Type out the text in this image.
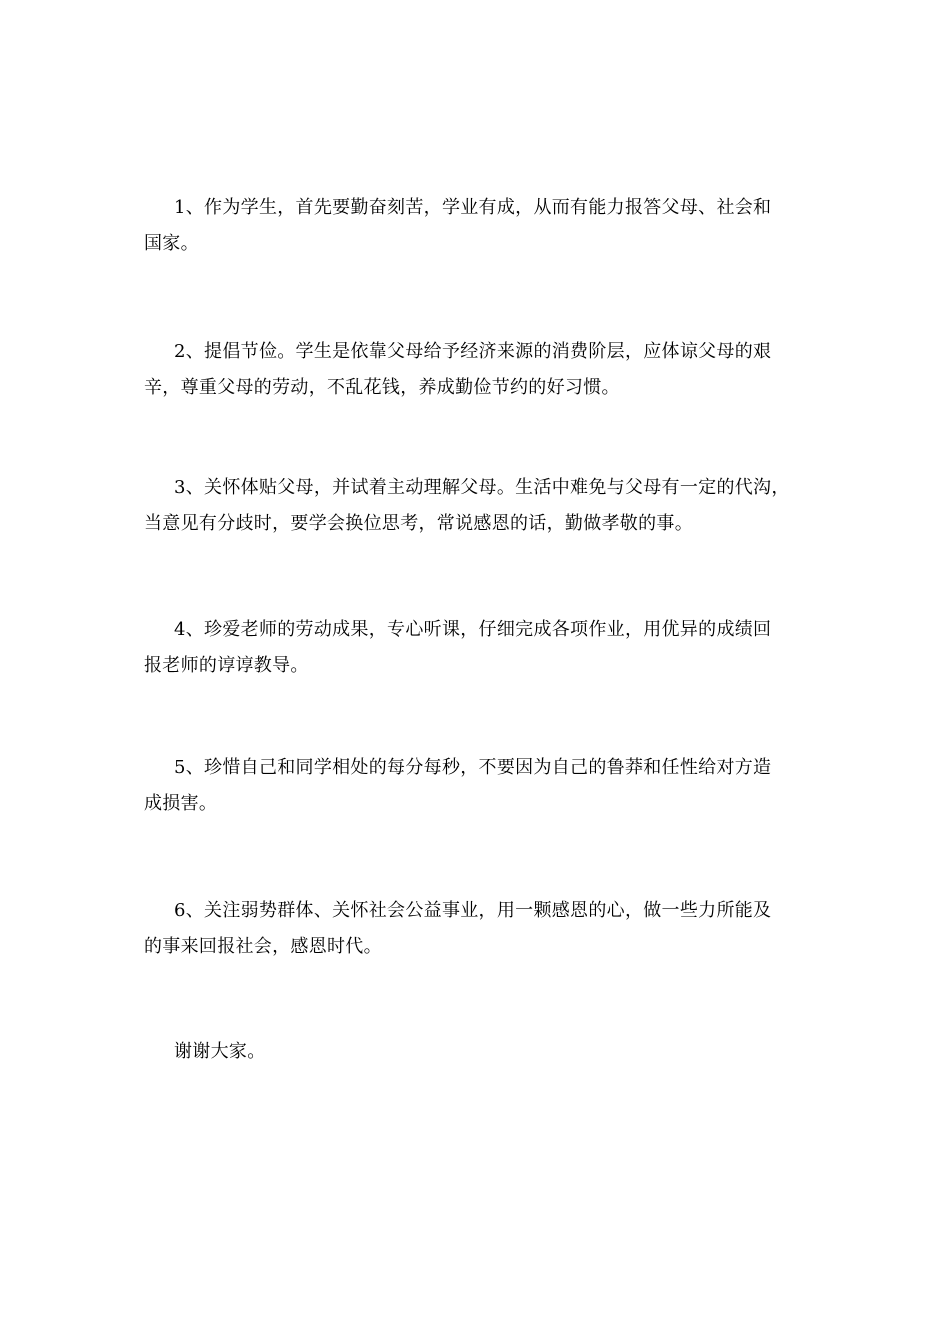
1、作为学生，首先要勤奋刻苦，学业有成，从而有能力报答父母、社会和
国家。

2、提倡节俭。学生是依靠父母给予经济来源的消费阶层，应体谅父母的艰
辛，尊重父母的劳动，不乱花钱，养成勤俭节约的好习惯。

3、关怀体贴父母，并试着主动理解父母。生活中难免与父母有一定的代沟，
当意见有分歧时，要学会换位思考，常说感恩的话，勤做孝敬的事。

4、珍爱老师的劳动成果，专心听课，仔细完成各项作业，用优异的成绩回
报老师的谆谆教导。

5、珍惜自己和同学相处的每分每秒，不要因为自己的鲁莽和任性给对方造
成损害。

6、关注弱势群体、关怀社会公益事业，用一颗感恩的心，做一些力所能及
的事来回报社会，感恩时代。

谢谢大家。
